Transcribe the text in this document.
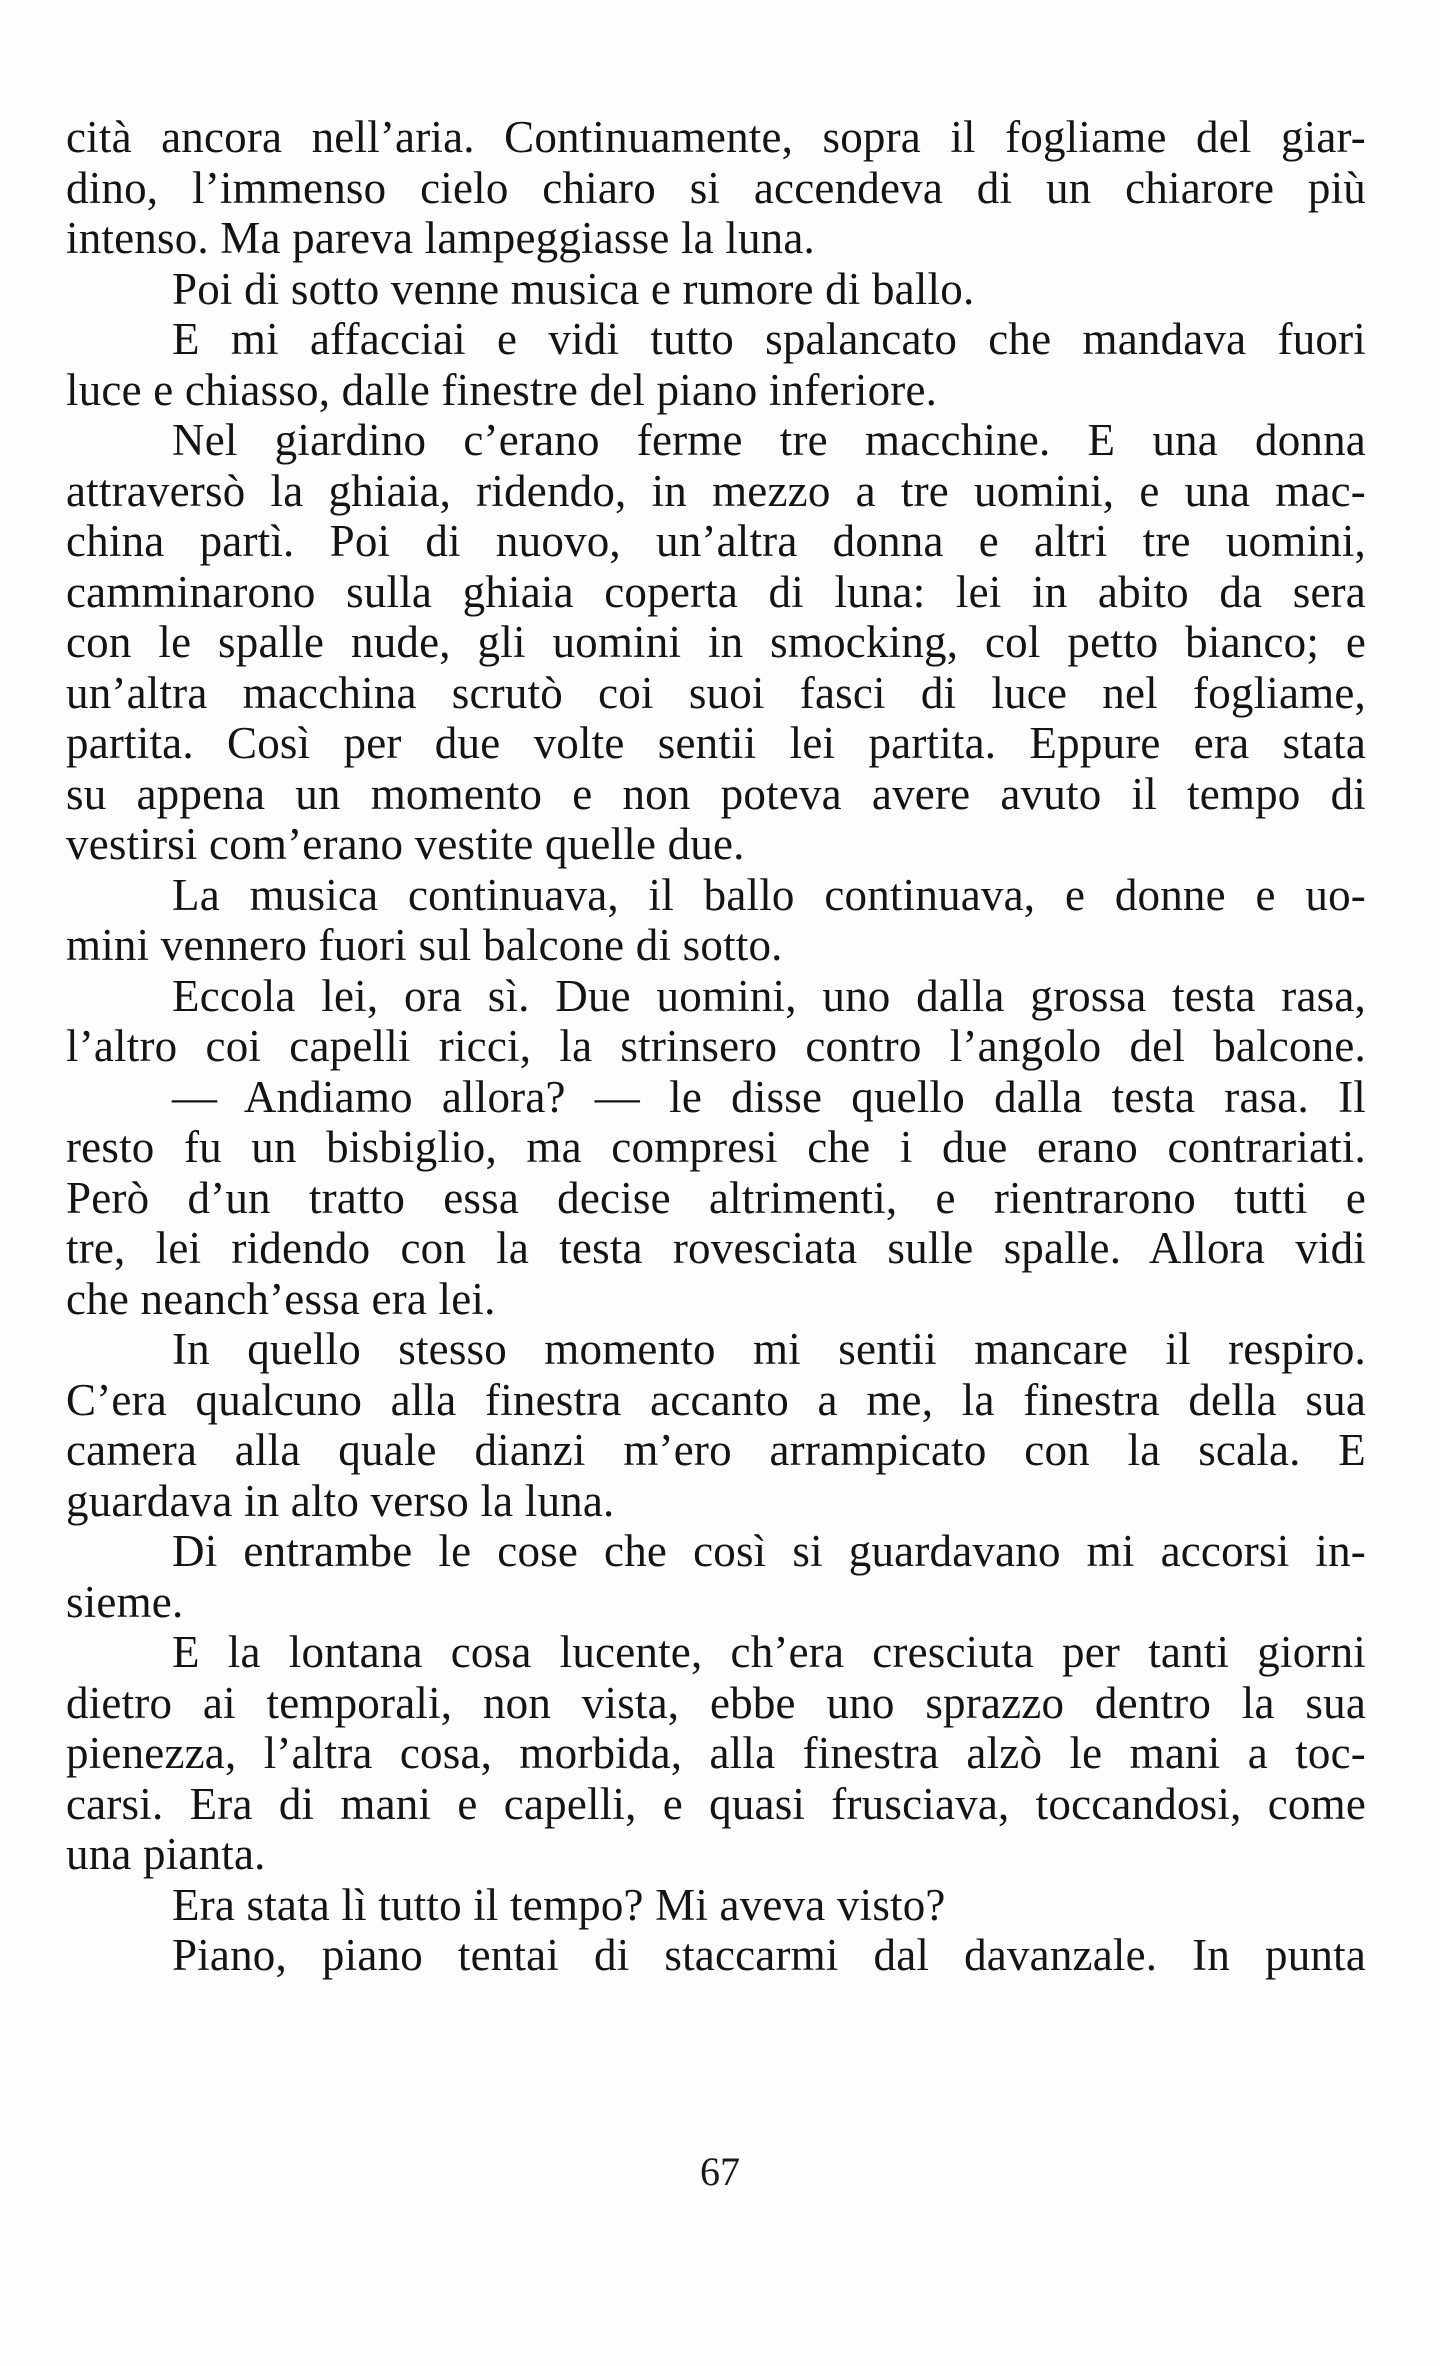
cità ancora nell’aria. Continuamente, sopra il fogliame del giar-
dino, l’immenso cielo chiaro si accendeva di un chiarore più
intenso. Ma pareva lampeggiasse la luna.
Poi di sotto venne musica e rumore di ballo.
E mi affacciai e vidi tutto spalancato che mandava fuori
luce e chiasso, dalle finestre del piano inferiore.
Nel giardino c’erano ferme tre macchine. E una donna
attraversò la ghiaia, ridendo, in mezzo a tre uomini, e una mac-
china partì. Poi di nuovo, un’altra donna e altri tre uomini,
camminarono sulla ghiaia coperta di luna: lei in abito da sera
con le spalle nude, gli uomini in smocking, col petto bianco; e
un’altra macchina scrutò coi suoi fasci di luce nel fogliame,
partita. Così per due volte sentii lei partita. Eppure era stata
su appena un momento e non poteva avere avuto il tempo di
vestirsi com’erano vestite quelle due.
La musica continuava, il ballo continuava, e donne e uo-
mini vennero fuori sul balcone di sotto.
Eccola lei, ora sì. Due uomini, uno dalla grossa testa rasa,
l’altro coi capelli ricci, la strinsero contro l’angolo del balcone.
— Andiamo allora? — le disse quello dalla testa rasa. Il
resto fu un bisbiglio, ma compresi che i due erano contrariati.
Però d’un tratto essa decise altrimenti, e rientrarono tutti e
tre, lei ridendo con la testa rovesciata sulle spalle. Allora vidi
che neanch’essa era lei.
In quello stesso momento mi sentii mancare il respiro.
C’era qualcuno alla finestra accanto a me, la finestra della sua
camera alla quale dianzi m’ero arrampicato con la scala. E
guardava in alto verso la luna.
Di entrambe le cose che così si guardavano mi accorsi in-
sieme.
E la lontana cosa lucente, ch’era cresciuta per tanti giorni
dietro ai temporali, non vista, ebbe uno sprazzo dentro la sua
pienezza, l’altra cosa, morbida, alla finestra alzò le mani a toc-
carsi. Era di mani e capelli, e quasi frusciava, toccandosi, come
una pianta.
Era stata lì tutto il tempo? Mi aveva visto?
Piano, piano tentai di staccarmi dal davanzale. In punta
67
